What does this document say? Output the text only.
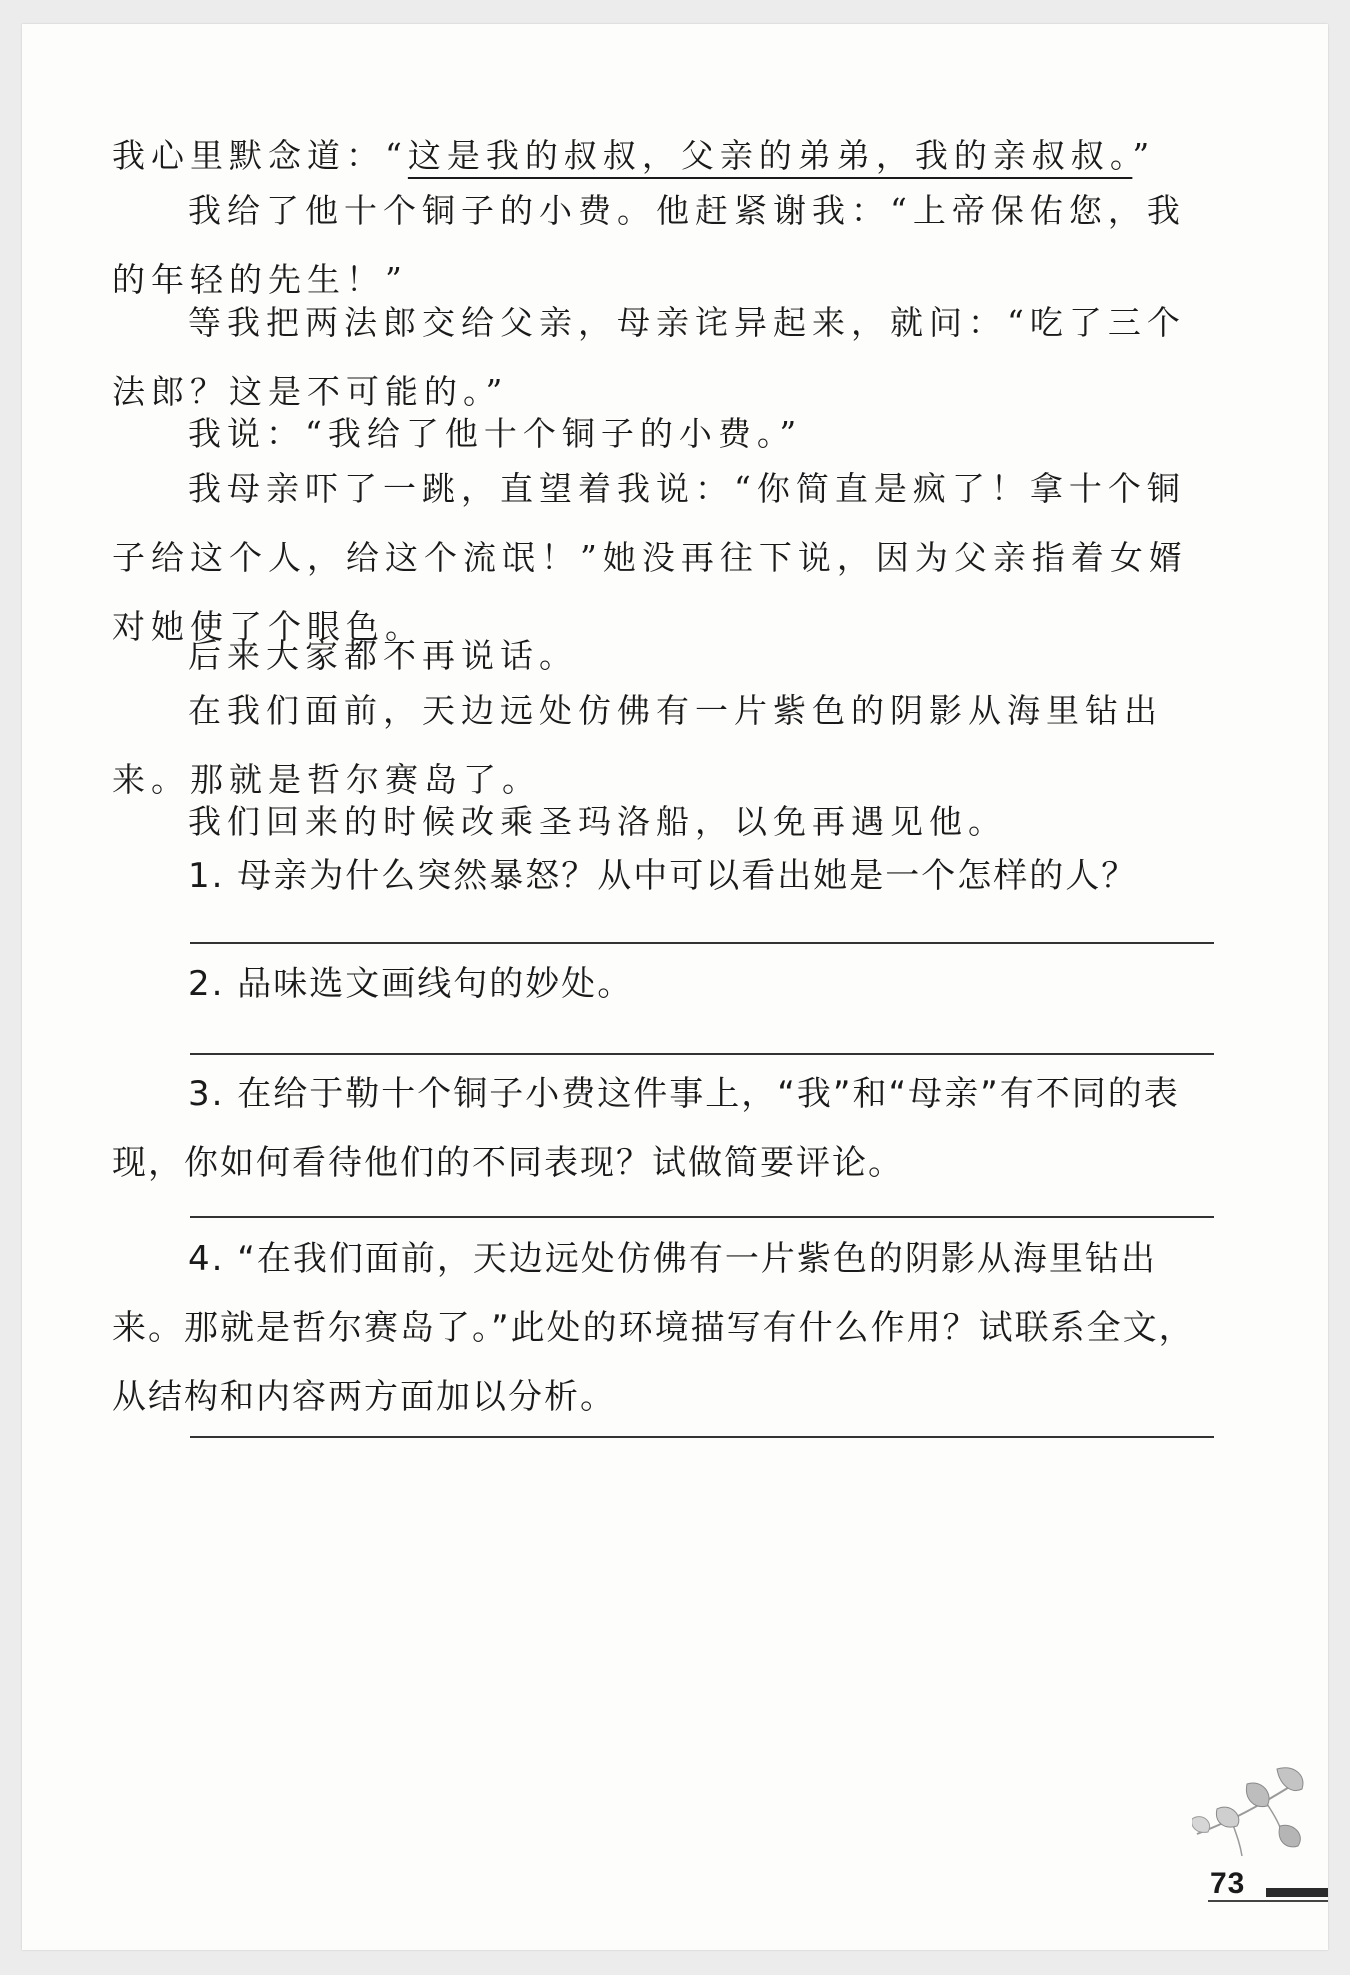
我心里默念道：“这是我的叔叔，父亲的弟弟，我的亲叔叔。”
我给了他十个铜子的小费。他赶紧谢我：“上帝保佑您，我的年轻的先生！”
等我把两法郎交给父亲，母亲诧异起来，就问：“吃了三个法郎？这是不可能的。”
我说：“我给了他十个铜子的小费。”
我母亲吓了一跳，直望着我说：“你简直是疯了！拿十个铜子给这个人，给这个流氓！”她没再往下说，因为父亲指着女婿对她使了个眼色。
后来大家都不再说话。
在我们面前，天边远处仿佛有一片紫色的阴影从海里钻出来。那就是哲尔赛岛了。
我们回来的时候改乘圣玛洛船，以免再遇见他。
1. 母亲为什么突然暴怒？从中可以看出她是一个怎样的人？
2. 品味选文画线句的妙处。
3. 在给于勒十个铜子小费这件事上，“我”和“母亲”有不同的表现，你如何看待他们的不同表现？试做简要评论。
4. “在我们面前，天边远处仿佛有一片紫色的阴影从海里钻出来。那就是哲尔赛岛了。”此处的环境描写有什么作用？试联系全文，从结构和内容两方面加以分析。
73
